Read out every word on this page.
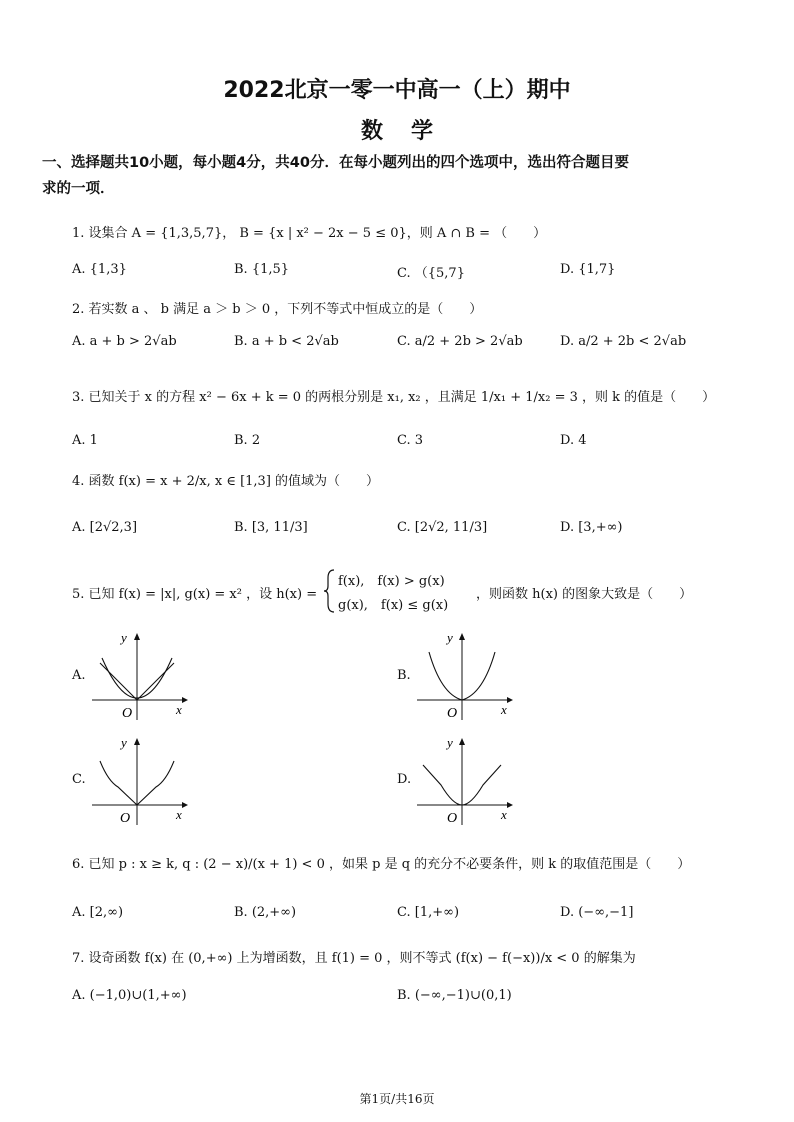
2022北京一零一中高一（上）期中
数学
一、选择题共10小题，每小题4分，共40分．在每小题列出的四个选项中，选出符合题目要
求的一项．
1. 设集合 A = {1,3,5,7}， B = {x | x² − 2x − 5 ≤ 0}，则 A ∩ B = （　　）
A. {1,3}	B. {1,5}	C. （{5,7}	D. {1,7}
2. 若实数 a 、 b 满足 a ＞ b ＞ 0 ，下列不等式中恒成立的是（　　）
A. a + b > 2√ab	B. a + b < 2√ab	C. a/2 + 2b > 2√ab	D. a/2 + 2b < 2√ab
3. 已知关于 x 的方程 x² − 6x + k = 0 的两根分别是 x₁, x₂ ，且满足 1/x₁ + 1/x₂ = 3 ，则 k 的值是（　　）
A. 1	B. 2	C. 3	D. 4
4. 函数 f(x) = x + 2/x, x ∈ [1,3] 的值域为（　　）
A. [2√2,3]	B. [3, 11/3]	C. [2√2, 11/3]	D. [3,+∞)
5. 已知 f(x) = |x|, g(x) = x² ，设 h(x) =
f(x),　f(x) > g(x)
g(x),　f(x) ≤ g(x)
，则函数 h(x) 的图象大致是（　　）
A.
y
x
O
B.
y
x
O
C.
y
x
O
D.
y
x
O
6. 已知 p : x ≥ k, q : (2 − x)/(x + 1) < 0 ，如果 p 是 q 的充分不必要条件，则 k 的取值范围是（　　）
A. [2,∞)	B. (2,+∞)	C. [1,+∞)	D. (−∞,−1]
7. 设奇函数 f(x) 在 (0,+∞) 上为增函数，且 f(1) = 0 ，则不等式 (f(x) − f(−x))/x < 0 的解集为
A. (−1,0)∪(1,+∞)	B. (−∞,−1)∪(0,1)
第1页/共16页
